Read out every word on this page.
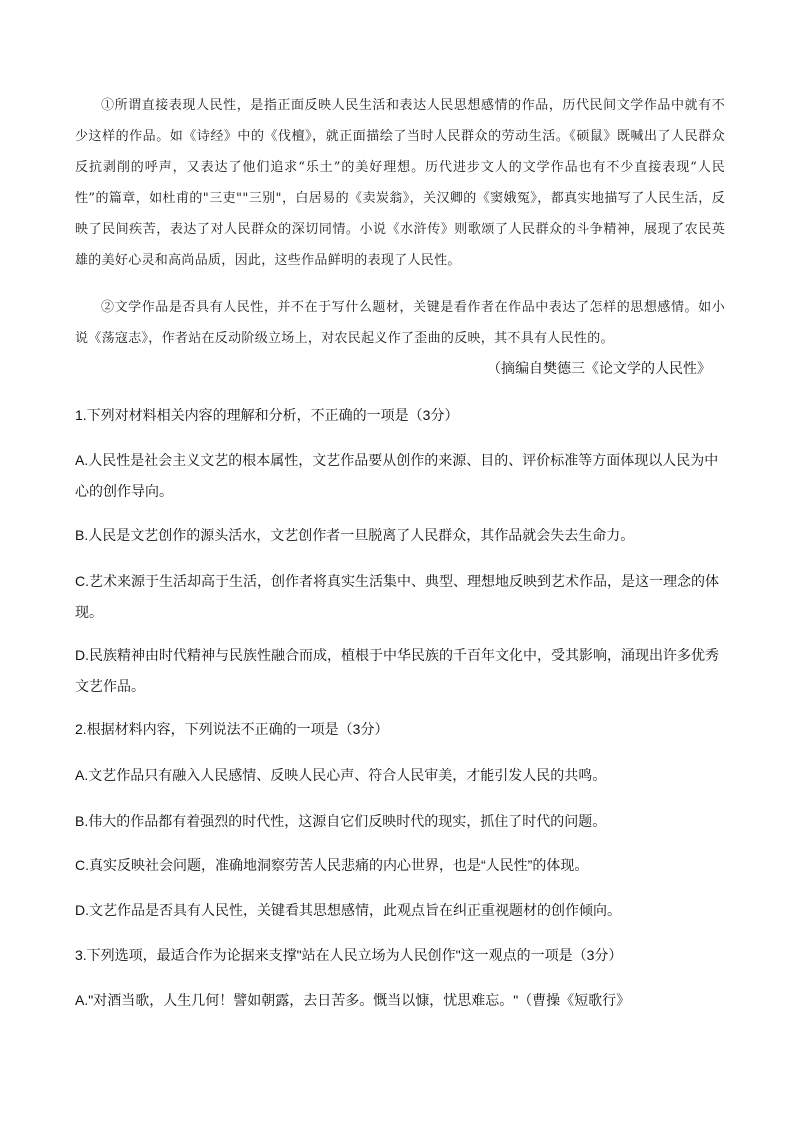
①所谓直接表现人民性，是指正面反映人民生活和表达人民思想感情的作品，历代民间文学作品中就有不少这样的作品。如《诗经》中的《伐檀》，就正面描绘了当时人民群众的劳动生活。《硕鼠》既喊出了人民群众反抗剥削的呼声，又表达了他们追求“乐土”的美好理想。历代进步文人的文学作品也有不少直接表现“人民性”的篇章，如杜甫的"三吏""三别"，白居易的《卖炭翁》，关汉卿的《窦娥冤》，都真实地描写了人民生活，反映了民间疾苦，表达了对人民群众的深切同情。小说《水浒传》则歌颂了人民群众的斗争精神，展现了农民英雄的美好心灵和高尚品质，因此，这些作品鲜明的表现了人民性。

②文学作品是否具有人民性，并不在于写什么题材，关键是看作者在作品中表达了怎样的思想感情。如小说《荡寇志》，作者站在反动阶级立场上，对农民起义作了歪曲的反映，其不具有人民性的。

（摘编自樊德三《论文学的人民性》

1.下列对材料相关内容的理解和分析，不正确的一项是（3分）

A.人民性是社会主义文艺的根本属性，文艺作品要从创作的来源、目的、评价标准等方面体现以人民为中心的创作导向。

B.人民是文艺创作的源头活水，文艺创作者一旦脱离了人民群众，其作品就会失去生命力。

C.艺术来源于生活却高于生活，创作者将真实生活集中、典型、理想地反映到艺术作品，是这一理念的体现。

D.民族精神由时代精神与民族性融合而成，植根于中华民族的千百年文化中，受其影响，涌现出许多优秀文艺作品。

2.根据材料内容，下列说法不正确的一项是（3分）

A.文艺作品只有融入人民感情、反映人民心声、符合人民审美，才能引发人民的共鸣。

B.伟大的作品都有着强烈的时代性，这源自它们反映时代的现实，抓住了时代的问题。

C.真实反映社会问题，准确地洞察劳苦人民悲痛的内心世界，也是“人民性”的体现。

D.文艺作品是否具有人民性，关键看其思想感情，此观点旨在纠正重视题材的创作倾向。

3.下列选项，最适合作为论据来支撑"站在人民立场为人民创作"这一观点的一项是（3分）

A."对酒当歌，人生几何！譬如朝露，去日苦多。慨当以慷，忧思难忘。"（曹操《短歌行》
